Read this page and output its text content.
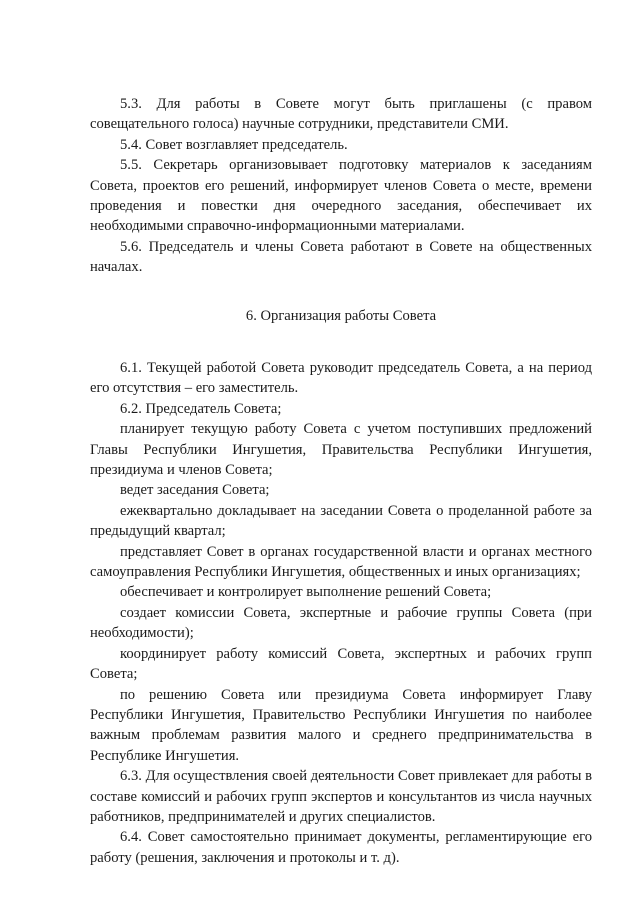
5.3. Для работы в Совете могут быть приглашены (с правом совещательного голоса) научные сотрудники, представители СМИ.

5.4. Совет возглавляет председатель.

5.5. Секретарь организовывает подготовку материалов к заседаниям Совета, проектов его решений, информирует членов Совета о месте, времени проведения и повестки дня очередного заседания, обеспечивает их необходимыми справочно-информационными материалами.

5.6. Председатель и члены Совета работают в Совете на общественных началах.

6. Организация работы Совета

6.1. Текущей работой Совета руководит председатель Совета, а на период его отсутствия – его заместитель.

6.2. Председатель Совета;

планирует текущую работу Совета с учетом поступивших предложений Главы Республики Ингушетия, Правительства Республики Ингушетия, президиума и членов Совета;

ведет заседания Совета;

ежеквартально докладывает на заседании Совета о проделанной работе за предыдущий квартал;

представляет Совет в органах государственной власти и органах местного самоуправления Республики Ингушетия, общественных и иных организациях;

обеспечивает и контролирует выполнение решений Совета;

создает комиссии Совета, экспертные и рабочие группы Совета (при необходимости);

координирует работу комиссий Совета, экспертных и рабочих групп Совета;

по решению Совета или президиума Совета информирует Главу Республики Ингушетия, Правительство Республики Ингушетия по наиболее важным проблемам развития малого и среднего предпринимательства в Республике Ингушетия.

6.3. Для осуществления своей деятельности Совет привлекает для работы в составе комиссий и рабочих групп экспертов и консультантов из числа научных работников, предпринимателей и других специалистов.

6.4. Совет самостоятельно принимает документы, регламентирующие его работу (решения, заключения и протоколы и т. д).
